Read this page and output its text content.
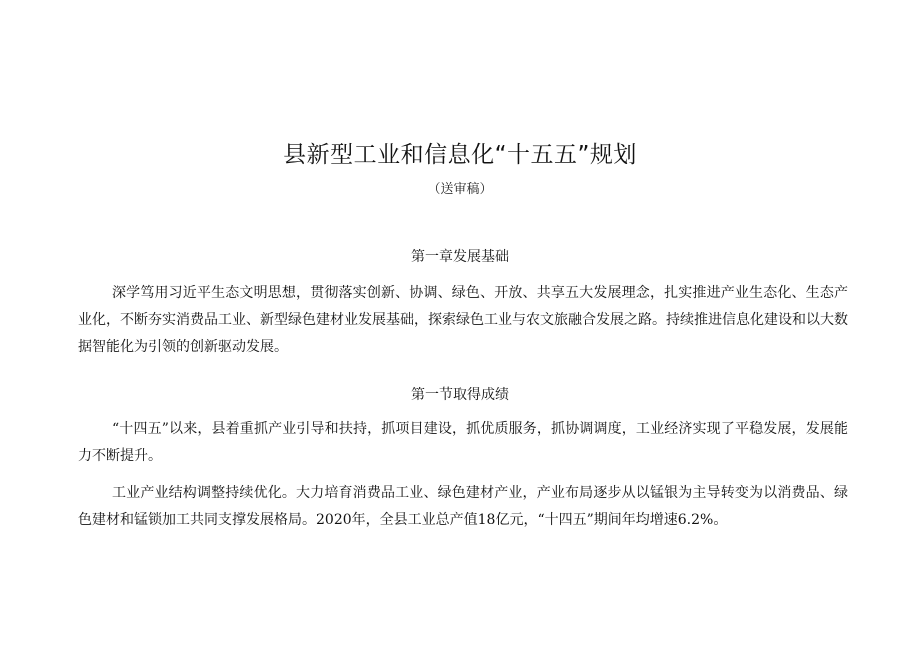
县新型工业和信息化“十五五”规划
（送审稿）
第一章发展基础

深学笃用习近平生态文明思想，贯彻落实创新、协调、绿色、开放、共享五大发展理念，扎实推进产业生态化、生态产业化，不断夯实消费品工业、新型绿色建材业发展基础，探索绿色工业与农文旅融合发展之路。持续推进信息化建设和以大数据智能化为引领的创新驱动发展。

第一节取得成绩

“十四五”以来，县着重抓产业引导和扶持，抓项目建设，抓优质服务，抓协调调度，工业经济实现了平稳发展，发展能力不断提升。

工业产业结构调整持续优化。大力培育消费品工业、绿色建材产业，产业布局逐步从以锰银为主导转变为以消费品、绿色建材和锰锁加工共同支撑发展格局。2020年，全县工业总产值18亿元，“十四五”期间年均增速6.2%。
